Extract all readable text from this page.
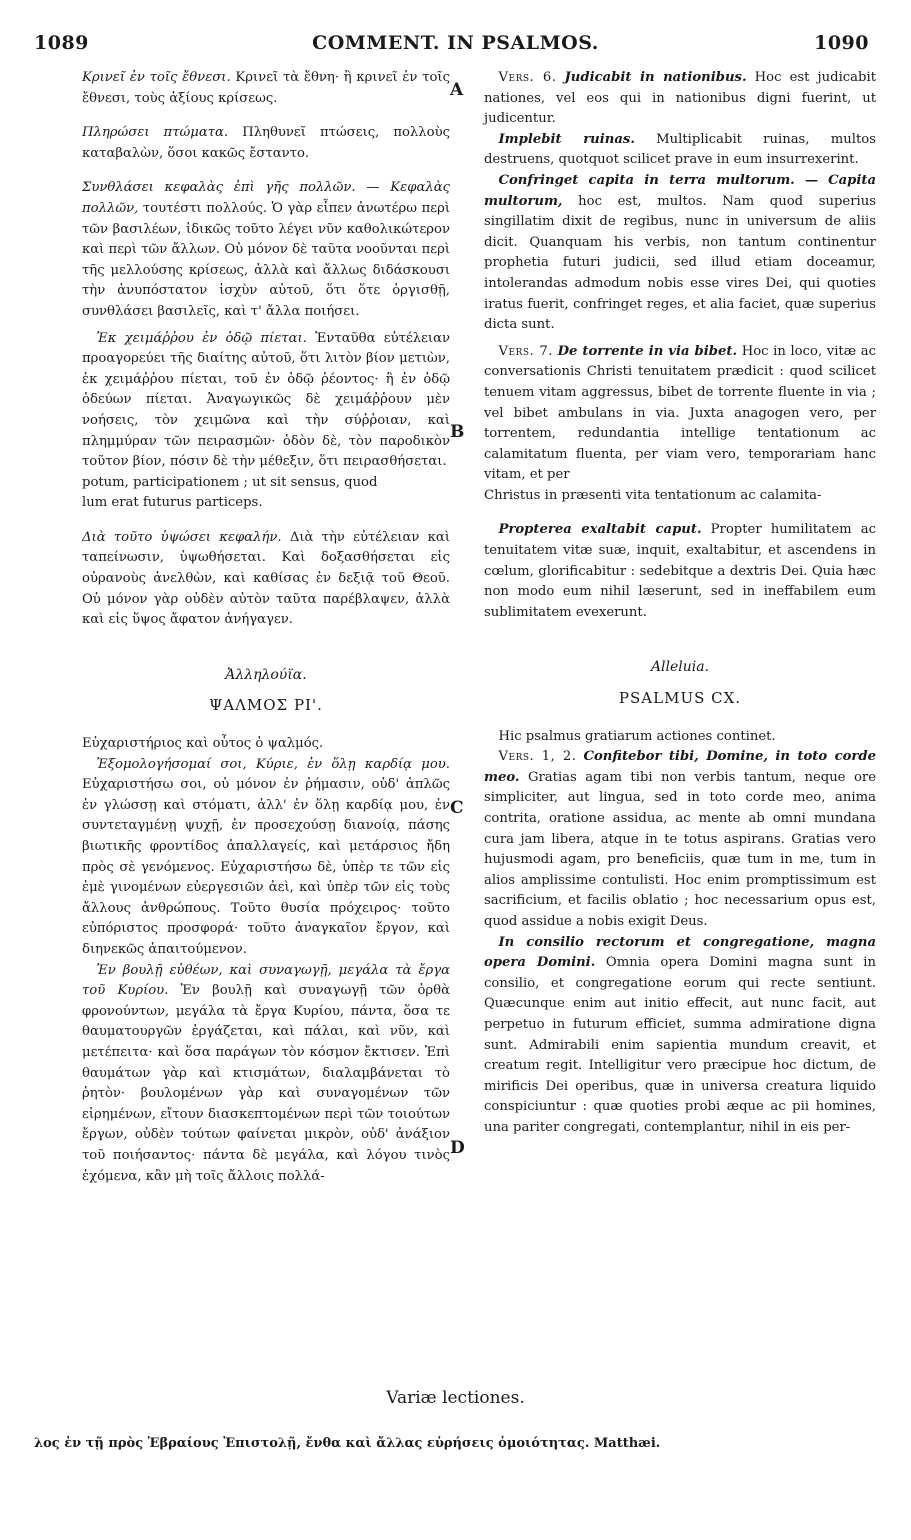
1089	COMMENT. IN PSALMOS.	1090
A
B
C
D

Κρινεῖ ἐν τοῖς ἔθνεσι. Κρινεῖ τὰ ἔθνη· ἢ κρινεῖ ἐν τοῖς ἔθνεσι, τοὺς ἀξίους κρίσεως.

Πληρώσει πτώματα. Πληθυνεῖ πτώσεις, πολλοὺς καταβαλὼν, ὅσοι κακῶς ἔσταντο.

Συνθλάσει κεφαλὰς ἐπὶ γῆς πολλῶν. — Κεφαλὰς πολλῶν, τουτέστι πολλούς. Ὁ γὰρ εἶπεν ἀνωτέρω περὶ τῶν βασιλέων, ἰδικῶς τοῦτο λέγει νῦν καθολικώτερον καὶ περὶ τῶν ἄλλων. Οὐ μόνον δὲ ταῦτα νοοῦνται περὶ τῆς μελλούσης κρίσεως, ἀλλὰ καὶ ἄλλως διδάσκουσι τὴν ἀνυπόστατον ἰσχὺν αὐτοῦ, ὅτι ὅτε ὀργισθῇ, συνθλάσει βασιλεῖς, καὶ τ' ἄλλα ποιήσει.

Ἐκ χειμάῤῥου ἐν ὁδῷ πίεται. Ἐνταῦθα εὐτέλειαν προαγορεύει τῆς διαίτης αὐτοῦ, ὅτι λιτὸν βίον μετιὼν, ἐκ χειμάῤῥου πίεται, τοῦ ἐν ὁδῷ ῥέοντος· ἢ ἐν ὁδῷ ὁδεύων πίεται. Ἀναγωγικῶς δὲ χειμάῤῥουν μὲν νοήσεις, τὸν χειμῶνα καὶ τὴν σύῤῥοιαν, καὶ πλημμύραν τῶν πειρασμῶν· ὁδὸν δὲ, τὸν παροδικὸν τοῦτον βίον, πόσιν δὲ τὴν μέθεξιν, ὅτι πειρασθήσεται.

potum, participationem ; ut sit sensus, quod

lum erat futurus particeps.

Διὰ τοῦτο ὑψώσει κεφαλήν. Διὰ τὴν εὐτέλειαν καὶ ταπείνωσιν, ὑψωθήσεται. Καὶ δοξασθήσεται εἰς οὐρανοὺς ἀνελθὼν, καὶ καθίσας ἐν δεξιᾷ τοῦ Θεοῦ. Οὐ μόνον γὰρ οὐδὲν αὐτὸν ταῦτα παρέβλαψεν, ἀλλὰ καὶ εἰς ὕψος ἄφατον ἀνήγαγεν.

Ἀλληλούϊα.

ΨΑΛΜΟΣ ΡΙ'.

Εὐχαριστήριος καὶ οὗτος ὁ ψαλμός.

Ἐξομολογήσομαί σοι, Κύριε, ἐν ὅλῃ καρδίᾳ μου. Εὐχαριστήσω σοι, οὐ μόνον ἐν ῥήμασιν, οὐδ' ἁπλῶς ἐν γλώσσῃ καὶ στόματι, ἀλλ' ἐν ὅλῃ καρδίᾳ μου, ἐν συντεταγμένῃ ψυχῇ, ἐν προσεχούσῃ διανοίᾳ, πάσης βιωτικῆς φροντίδος ἀπαλλαγείς, καὶ μετάρσιος ἤδη πρὸς σὲ γενόμενος. Εὐχαριστήσω δὲ, ὑπὲρ τε τῶν εἰς ἐμὲ γινομένων εὐεργεσιῶν ἀεὶ, καὶ ὑπὲρ τῶν εἰς τοὺς ἄλλους ἀνθρώπους. Τοῦτο θυσία πρόχειρος· τοῦτο εὐπόριστος προσφορά· τοῦτο ἀναγκαῖον ἔργον, καὶ διηνεκῶς ἀπαιτούμενον.

Ἐν βουλῇ εὐθέων, καὶ συναγωγῇ, μεγάλα τὰ ἔργα τοῦ Κυρίου. Ἐν βουλῇ καὶ συναγωγῇ τῶν ὀρθὰ φρονούντων, μεγάλα τὰ ἔργα Κυρίου, πάντα, ὅσα τε θαυματουργῶν ἐργάζεται, καὶ πάλαι, καὶ νῦν, καὶ μετέπειτα· καὶ ὅσα παράγων τὸν κόσμον ἔκτισεν. Ἐπὶ θαυμάτων γὰρ καὶ κτισμάτων, διαλαμβάνεται τὸ ῥητὸν· βουλομένων γὰρ καὶ συναγομένων τῶν εἰρημένων, εἴτουν διασκεπτομένων περὶ τῶν τοιούτων ἔργων, οὐδὲν τούτων φαίνεται μικρὸν, οὐδ' ἀνάξιον τοῦ ποιήσαντος· πάντα δὲ μεγάλα, καὶ λόγου τινὸς ἐχόμενα, κἂν μὴ τοῖς ἄλλοις πολλά-

Vers. 6. Judicabit in nationibus. Hoc est judicabit nationes, vel eos qui in nationibus digni fuerint, ut judicentur.

Implebit ruinas. Multiplicabit ruinas, multos destruens, quotquot scilicet prave in eum insurrexerint.

Confringet capita in terra multorum. — Capita multorum, hoc est, multos. Nam quod superius singillatim dixit de regibus, nunc in universum de aliis dicit. Quanquam his verbis, non tantum continentur prophetia futuri judicii, sed illud etiam doceamur, intolerandas admodum nobis esse vires Dei, qui quoties iratus fuerit, confringet reges, et alia faciet, quæ superius dicta sunt.

Vers. 7. De torrente in via bibet. Hoc in loco, vitæ ac conversationis Christi tenuitatem prædicit : quod scilicet tenuem vitam aggressus, bibet de torrente fluente in via ; vel bibet ambulans in via. Juxta anagogen vero, per torrentem, redundantia intellige tentationum ac calamitatum fluenta, per viam vero, temporariam hanc vitam, et per

Christus in præsenti vita tentationum ac calamita-

Propterea exaltabit caput. Propter humilitatem ac tenuitatem vitæ suæ, inquit, exaltabitur, et ascendens in cœlum, glorificabitur : sedebitque a dextris Dei. Quia hæc non modo eum nihil læserunt, sed in ineffabilem eum sublimitatem evexerunt.

Alleluia.

PSALMUS CX.

Hic psalmus gratiarum actiones continet.

Vers. 1, 2. Confitebor tibi, Domine, in toto corde meo. Gratias agam tibi non verbis tantum, neque ore simpliciter, aut lingua, sed in toto corde meo, anima contrita, oratione assidua, ac mente ab omni mundana cura jam libera, atque in te totus aspirans. Gratias vero hujusmodi agam, pro beneficiis, quæ tum in me, tum in alios amplissime contulisti. Hoc enim promptissimum est sacrificium, et facilis oblatio ; hoc necessarium opus est, quod assidue a nobis exigit Deus.

In consilio rectorum et congregatione, magna opera Domini. Omnia opera Domini magna sunt in consilio, et congregatione eorum qui recte sentiunt. Quæcunque enim aut initio effecit, aut nunc facit, aut perpetuo in futurum efficiet, summa admiratione digna sunt. Admirabili enim sapientia mundum creavit, et creatum regit. Intelligitur vero præcipue hoc dictum, de mirificis Dei operibus, quæ in universa creatura liquido conspiciuntur : quæ quoties probi æque ac pii homines, una pariter congregati, contemplantur, nihil in eis per-

Variæ lectiones.
λος ἐν τῇ πρὸς Ἑβραίους Ἐπιστολῇ, ἔνθα καὶ ἄλλας εὑρήσεις ὁμοιότητας. Matthæi.
